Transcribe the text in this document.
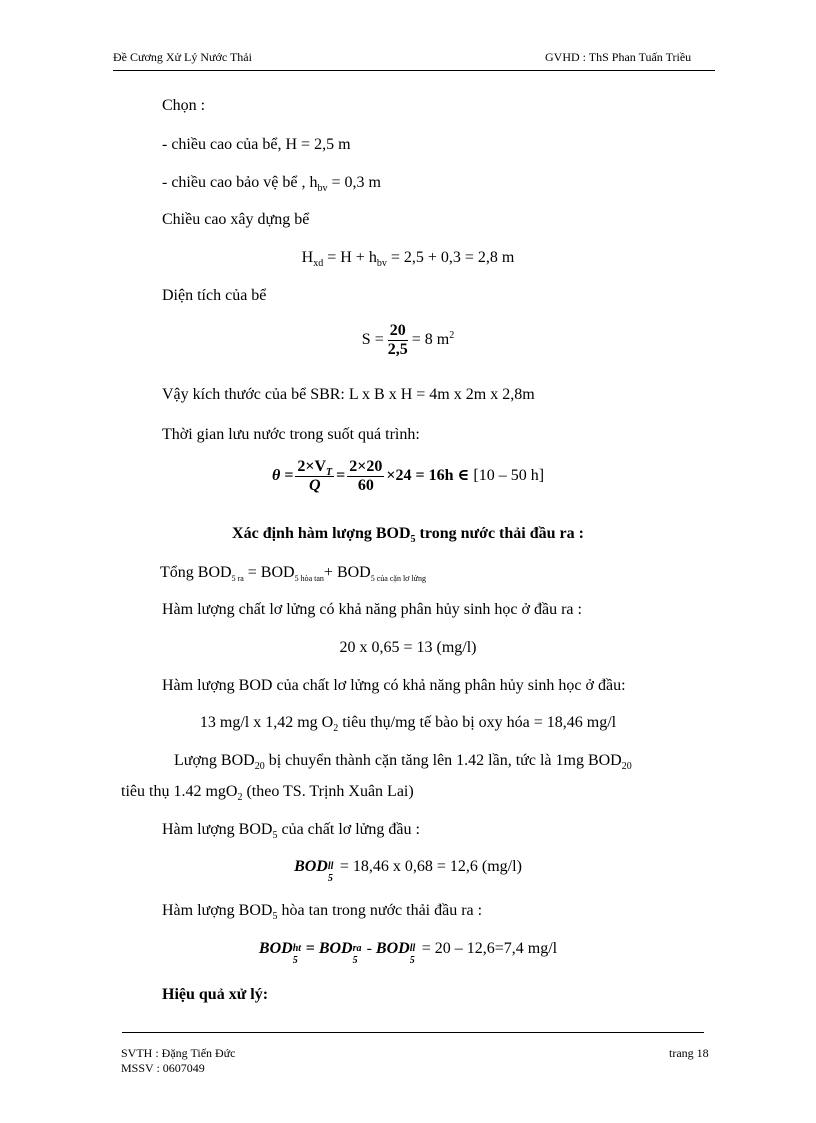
Đề Cương Xử Lý Nước Thải	GVHD : ThS Phan Tuấn Triều
Chọn :
- chiều cao của bể, H = 2,5 m
- chiều cao bảo vệ bể , $h_{bv} = 0,3$ m
Chiều cao xây dựng bể
$H_{xd} = H + h_{bv} = 2,5 + 0,3 = 2,8$ m
Diện tích của bể
$S = \frac{20}{2,5} = 8$ $m^2$
Vậy kích thước của bể SBR: L x B x H = 4m x 2m x 2,8m
Thời gian lưu nước trong suốt quá trình:
$\theta = \frac{2\times V_T}{Q} = \frac{2\times 20}{60} \times 24 = 16h$ ∈ [10 – 50 h]
Xác định hàm lượng $BOD_5$ trong nước thải đầu ra :
Tổng $BOD_{5 ra} = BOD_{5 hòa tan}+ BOD_{5 của cặn lơ lửng}$
Hàm lượng chất lơ lửng có khả năng phân hủy sinh học ở đầu ra :
20 x 0,65 = 13 (mg/l)
Hàm lượng BOD của chất lơ lửng có khả năng phân hủy sinh học ở đầu:
13 mg/l x 1,42 mg $O_2$ tiêu thụ/mg tế bào bị oxy hóa = 18,46 mg/l
Lượng $BOD_{20}$ bị chuyển thành cặn tăng lên 1.42 lần, tức là 1mg $BOD_{20}$
tiêu thụ 1.42 mgO$_2$ (theo TS. Trịnh Xuân Lai)
Hàm lượng $BOD_5$ của chất lơ lửng đầu :
BOD ll
5
= 18,46 x 0,68 = 12,6 (mg/l)
Hàm lượng $BOD_5$ hòa tan trong nước thải đầu ra :
BOD ht
5
= BOD ra
5
- BOD ll
5
= 20 – 12,6=7,4 mg/l
Hiệu quả xử lý:
SVTH : Đặng Tiến Đức
MSSV : 0607049
trang 18
